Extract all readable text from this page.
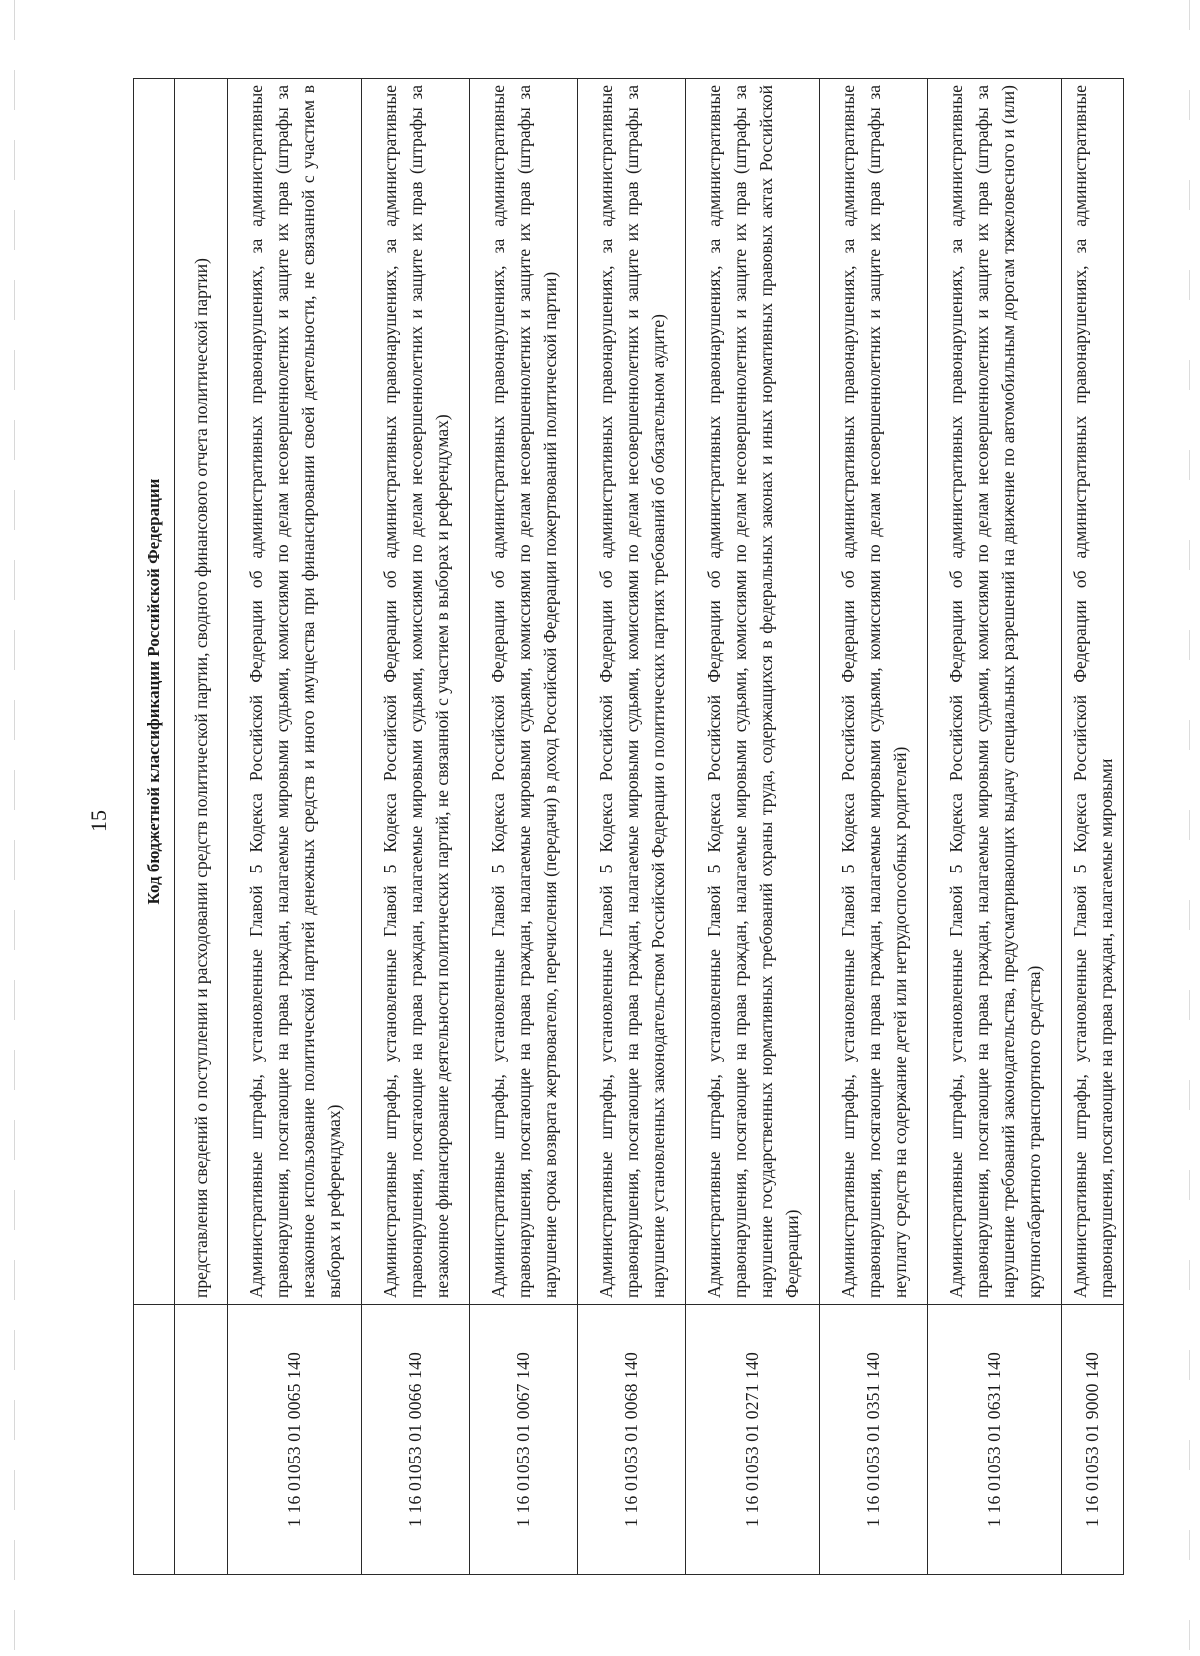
15
	Код бюджетной классификации Российской Федерации
	представления сведений о поступлении и расходовании средств политической партии, сводного финансового отчета политической партии)
1 16 01053 01 0065 140	Административные штрафы, установленные Главой 5 Кодекса Российской Федерации об административных правонарушениях, за административные правонарушения, посягающие на права граждан, налагаемые мировыми судьями, комиссиями по делам несовершеннолетних и защите их прав (штрафы за незаконное использование политической партией денежных средств и иного имущества при финансировании своей деятельности, не связанной с участием в выборах и референдумах)
1 16 01053 01 0066 140	Административные штрафы, установленные Главой 5 Кодекса Российской Федерации об административных правонарушениях, за административные правонарушения, посягающие на права граждан, налагаемые мировыми судьями, комиссиями по делам несовершеннолетних и защите их прав (штрафы за незаконное финансирование деятельности политических партий, не связанной с участием в выборах и референдумах)
1 16 01053 01 0067 140	Административные штрафы, установленные Главой 5 Кодекса Российской Федерации об административных правонарушениях, за административные правонарушения, посягающие на права граждан, налагаемые мировыми судьями, комиссиями по делам несовершеннолетних и защите их прав (штрафы за нарушение срока возврата жертвователю, перечисления (передачи) в доход Российской Федерации пожертвований политической партии)
1 16 01053 01 0068 140	Административные штрафы, установленные Главой 5 Кодекса Российской Федерации об административных правонарушениях, за административные правонарушения, посягающие на права граждан, налагаемые мировыми судьями, комиссиями по делам несовершеннолетних и защите их прав (штрафы за нарушение установленных законодательством Российской Федерации о политических партиях требований об обязательном аудите)
1 16 01053 01 0271 140	Административные штрафы, установленные Главой 5 Кодекса Российской Федерации об административных правонарушениях, за административные правонарушения, посягающие на права граждан, налагаемые мировыми судьями, комиссиями по делам несовершеннолетних и защите их прав (штрафы за нарушение государственных нормативных требований охраны труда, содержащихся в федеральных законах и иных нормативных правовых актах Российской Федерации)
1 16 01053 01 0351 140	Административные штрафы, установленные Главой 5 Кодекса Российской Федерации об административных правонарушениях, за административные правонарушения, посягающие на права граждан, налагаемые мировыми судьями, комиссиями по делам несовершеннолетних и защите их прав (штрафы за неуплату средств на содержание детей или нетрудоспособных родителей)
1 16 01053 01 0631 140	Административные штрафы, установленные Главой 5 Кодекса Российской Федерации об административных правонарушениях, за административные правонарушения, посягающие на права граждан, налагаемые мировыми судьями, комиссиями по делам несовершеннолетних и защите их прав (штрафы за нарушение требований законодательства, предусматривающих выдачу специальных разрешений на движение по автомобильным дорогам тяжеловесного и (или) крупногабаритного транспортного средства)
1 16 01053 01 9000 140	Административные штрафы, установленные Главой 5 Кодекса Российской Федерации об административных правонарушениях, за административные правонарушения, посягающие на права граждан, налагаемые мировыми
